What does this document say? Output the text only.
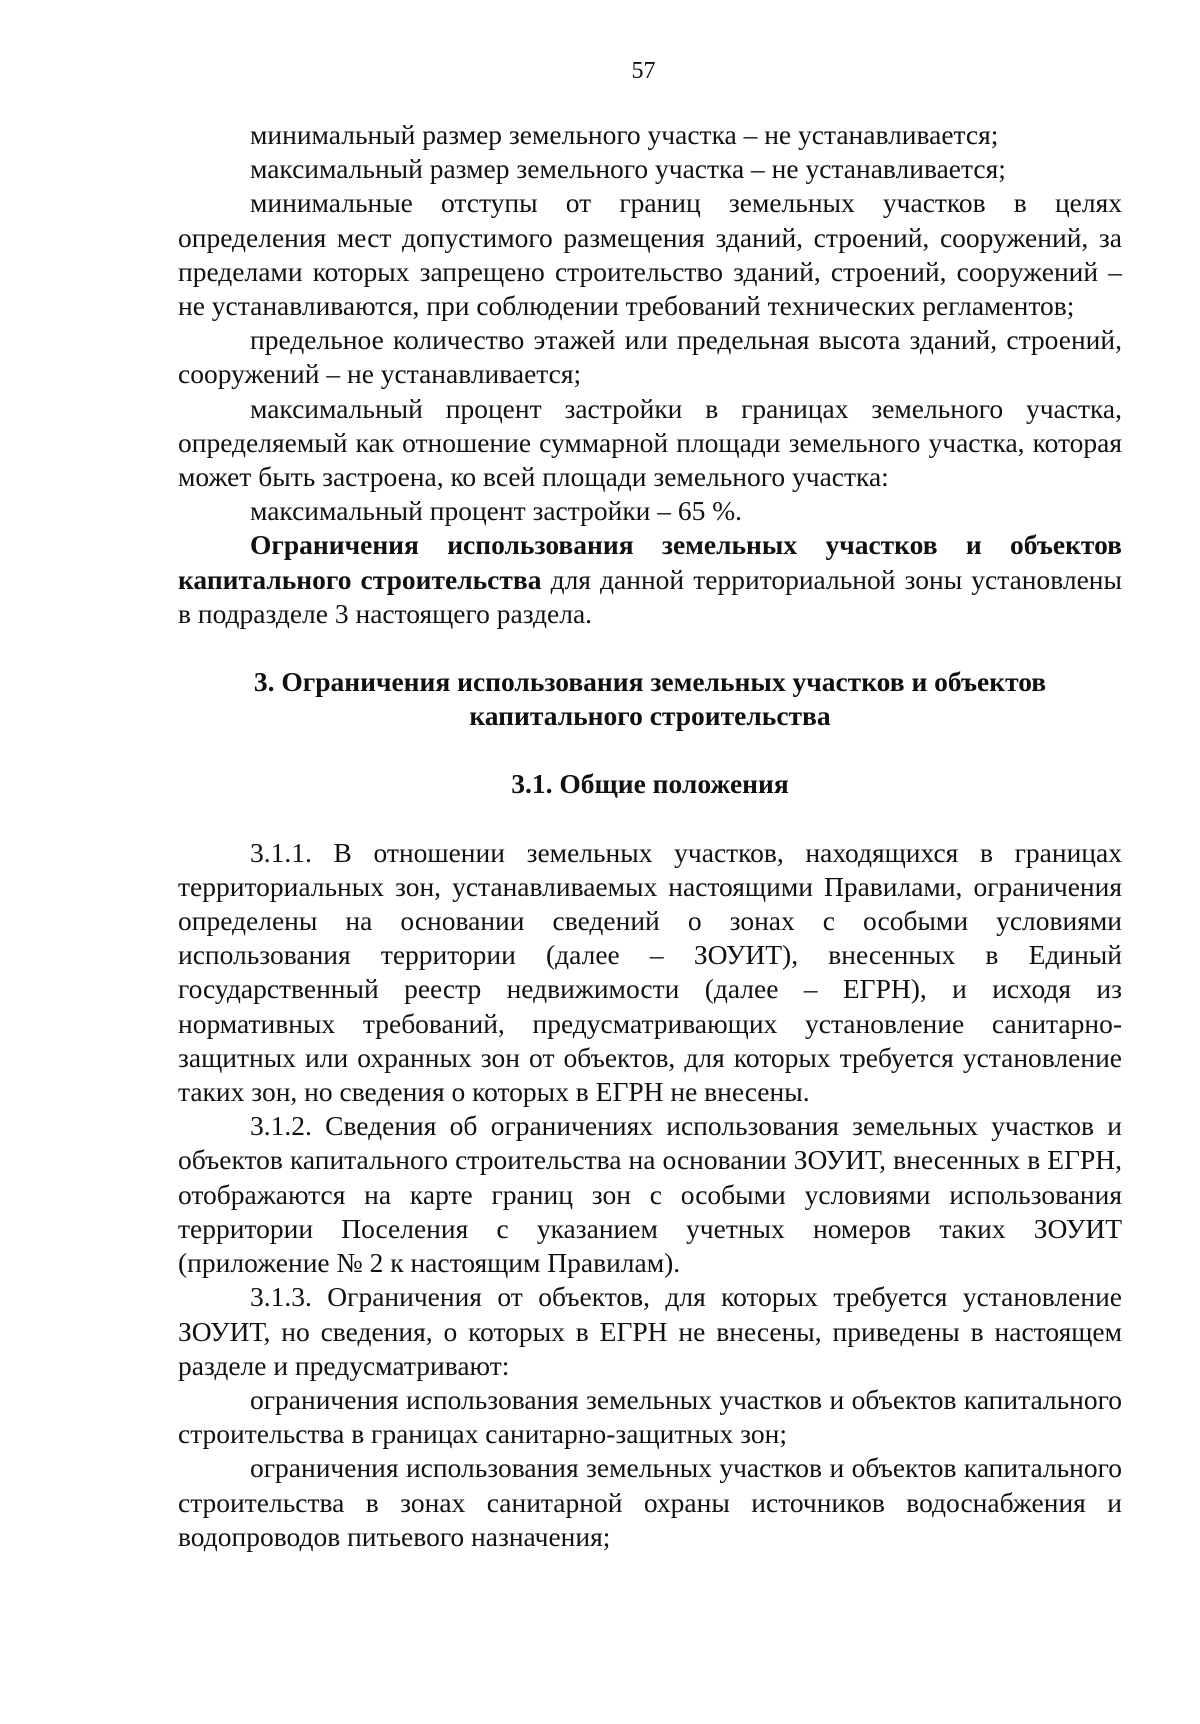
57

минимальный размер земельного участка – не устанавливается;

максимальный размер земельного участка – не устанавливается;

минимальные отступы от границ земельных участков в целях определения мест допустимого размещения зданий, строений, сооружений, за пределами которых запрещено строительство зданий, строений, сооружений – не устанавливаются, при соблюдении требований технических регламентов;

предельное количество этажей или предельная высота зданий, строений, сооружений – не устанавливается;

максимальный процент застройки в границах земельного участка, определяемый как отношение суммарной площади земельного участка, которая может быть застроена, ко всей площади земельного участка:

максимальный процент застройки – 65 %.

Ограничения использования земельных участков и объектов капитального строительства для данной территориальной зоны установлены в подразделе 3 настоящего раздела.

3. Ограничения использования земельных участков и объектов капитального строительства
3.1. Общие положения

3.1.1. В отношении земельных участков, находящихся в границах территориальных зон, устанавливаемых настоящими Правилами, ограничения определены на основании сведений о зонах с особыми условиями использования территории (далее – ЗОУИТ), внесенных в Единый государственный реестр недвижимости (далее – ЕГРН), и исходя из нормативных требований, предусматривающих установление санитарно-защитных или охранных зон от объектов, для которых требуется установление таких зон, но сведения о которых в ЕГРН не внесены.

3.1.2. Сведения об ограничениях использования земельных участков и объектов капитального строительства на основании ЗОУИТ, внесенных в ЕГРН, отображаются на карте границ зон с особыми условиями использования территории Поселения с указанием учетных номеров таких ЗОУИТ (приложение № 2 к настоящим Правилам).

3.1.3. Ограничения от объектов, для которых требуется установление ЗОУИТ, но сведения, о которых в ЕГРН не внесены, приведены в настоящем разделе и предусматривают:

ограничения использования земельных участков и объектов капитального строительства в границах санитарно-защитных зон;

ограничения использования земельных участков и объектов капитального строительства в зонах санитарной охраны источников водоснабжения и водопроводов питьевого назначения;
